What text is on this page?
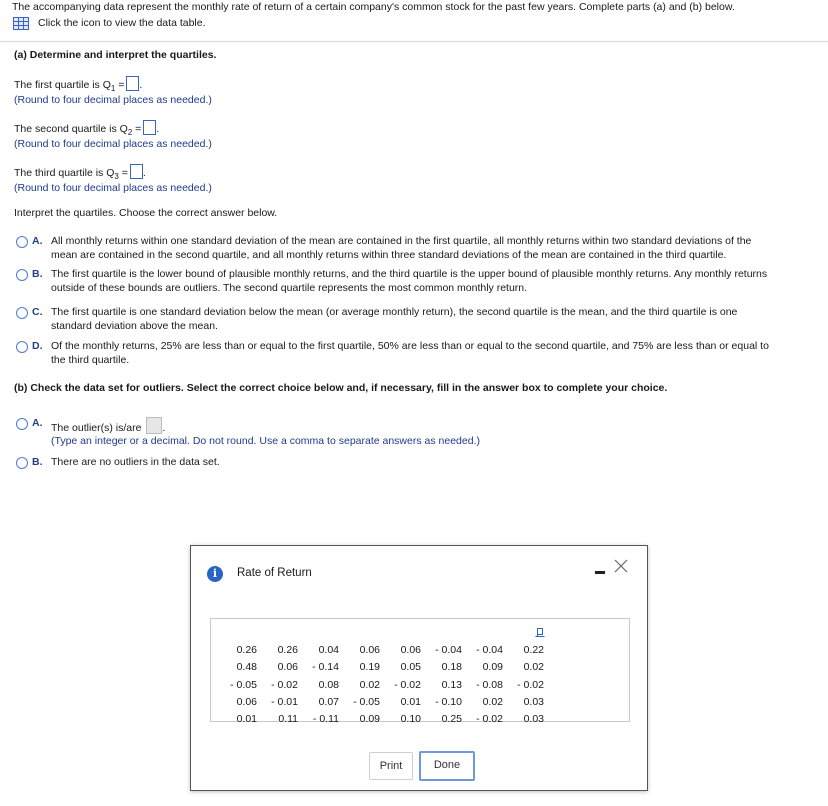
The accompanying data represent the monthly rate of return of a certain company's common stock for the past few years. Complete parts (a) and (b) below.
Click the icon to view the data table.
(a) Determine and interpret the quartiles.
The first quartile is $Q_1$ = .
(Round to four decimal places as needed.)
The second quartile is $Q_2$ = .
(Round to four decimal places as needed.)
The third quartile is $Q_3$ = .
(Round to four decimal places as needed.)
Interpret the quartiles. Choose the correct answer below.
A. All monthly returns within one standard deviation of the mean are contained in the first quartile, all monthly returns within two standard deviations of the
mean are contained in the second quartile, and all monthly returns within three standard deviations of the mean are contained in the third quartile.
B. The first quartile is the lower bound of plausible monthly returns, and the third quartile is the upper bound of plausible monthly returns. Any monthly returns
outside of these bounds are outliers. The second quartile represents the most common monthly return.
C. The first quartile is one standard deviation below the mean (or average monthly return), the second quartile is the mean, and the third quartile is one
standard deviation above the mean.
D. Of the monthly returns, 25% are less than or equal to the first quartile, 50% are less than or equal to the second quartile, and 75% are less than or equal to
the third quartile.
(b) Check the data set for outliers. Select the correct choice below and, if necessary, fill in the answer box to complete your choice.
A. The outlier(s) is/are .
(Type an integer or a decimal. Do not round. Use a comma to separate answers as needed.)
B. There are no outliers in the data set.
i	Rate of Return
0.26	0.26	0.04	0.06	0.06	- 0.04	- 0.04	0.22
0.48	0.06	- 0.14	0.19	0.05	0.18	0.09	0.02
- 0.05	- 0.02	0.08	0.02	- 0.02	0.13	- 0.08	- 0.02
0.06	- 0.01	0.07	- 0.05	0.01	- 0.10	0.02	0.03
0.01	0.11	- 0.11	0.09	0.10	0.25	- 0.02	0.03
Print	Done
